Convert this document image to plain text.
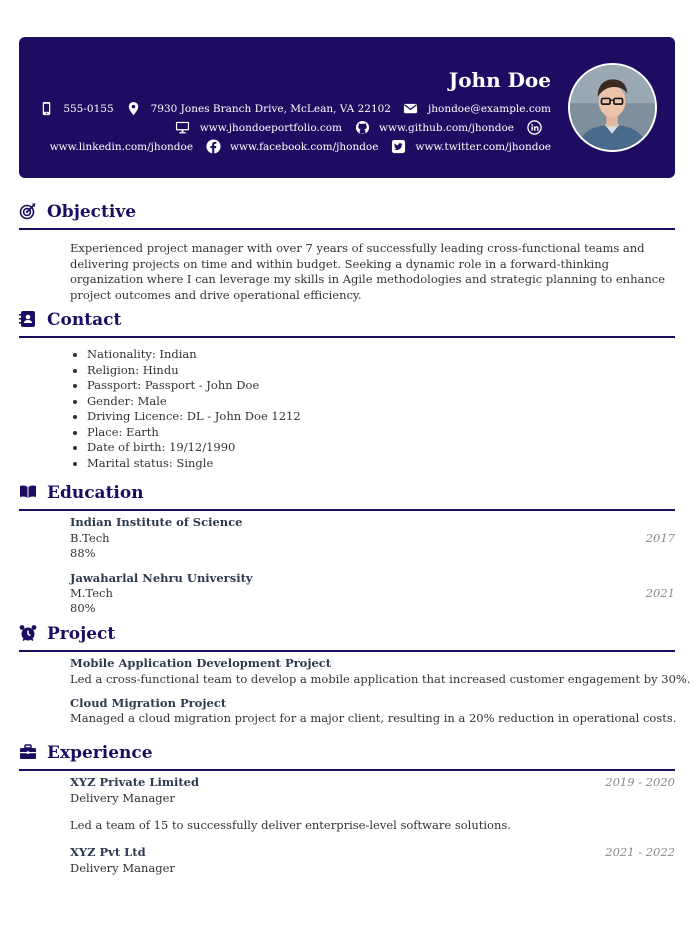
John Doe
555-0155	7930 Jones Branch Drive, McLean, VA 22102	jhondoe@example.com
www.jhondoeportfolio.com	www.github.com/jhondoe
www.linkedin.com/jhondoe	www.facebook.com/jhondoe	www.twitter.com/jhondoe
Objective
Experienced project manager with over 7 years of successfully leading cross-functional teams and delivering projects on time and within budget. Seeking a dynamic role in a forward-thinking organization where I can leverage my skills in Agile methodologies and strategic planning to enhance project outcomes and drive operational efficiency.
Contact
• Nationality: Indian
• Religion: Hindu
• Passport: Passport - John Doe
• Gender: Male
• Driving Licence: DL - John Doe 1212
• Place: Earth
• Date of birth: 19/12/1990
• Marital status: Single
Education
Indian Institute of Science
B.Tech	2017
88%
Jawaharlal Nehru University
M.Tech	2021
80%
Project
Mobile Application Development Project
Led a cross-functional team to develop a mobile application that increased customer engagement by 30%.
Cloud Migration Project
Managed a cloud migration project for a major client, resulting in a 20% reduction in operational costs.
Experience
XYZ Private Limited	2019 - 2020
Delivery Manager
Led a team of 15 to successfully deliver enterprise-level software solutions.
XYZ Pvt Ltd	2021 - 2022
Delivery Manager
